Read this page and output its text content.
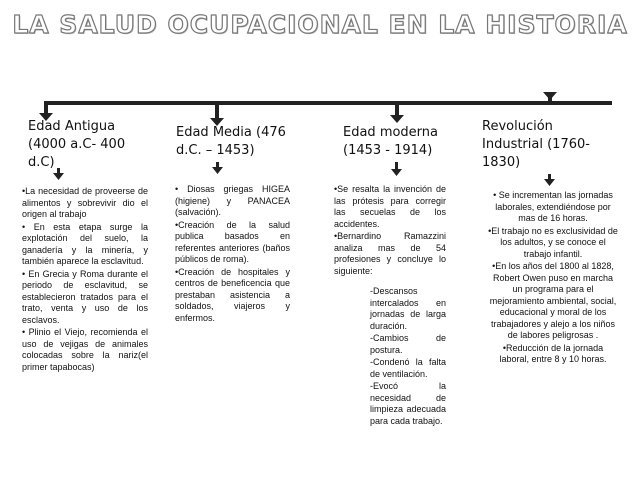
LA SALUD OCUPACIONAL EN LA HISTORIA
Edad Antigua (4000 a.C- 400 d.C)

•La necesidad de proveerse de alimentos y sobrevivir dio el origen al trabajo

• En esta etapa surge la explotación del suelo, la ganadería y la minería, y también aparece la esclavitud.

• En Grecia y Roma durante el periodo de esclavitud, se establecieron tratados para el trato, venta y uso de los esclavos.

• Plinio el Viejo, recomienda el uso de vejigas de animales colocadas sobre la nariz(el primer tapabocas)

Edad Media (476 d.C. – 1453)

• Diosas griegas HIGEA (higiene) y PANACEA (salvación).

•Creación de la salud publica basados en referentes anteriores (baños públicos de roma).

•Creación de hospitales y centros de beneficencia que prestaban asistencia a soldados, viajeros y enfermos.

Edad moderna (1453 - 1914)

•Se resalta la invención de las prótesis para corregir las secuelas de los accidentes.

•Bernardino Ramazzini analiza mas de 54 profesiones y concluye lo siguiente:

-Descansos intercalados en jornadas de larga duración.

-Cambios de postura.

-Condenó la falta de ventilación.

-Evocó la necesidad de limpieza adecuada para cada trabajo.

Revolución Industrial (1760-1830)

• Se incrementan las jornadas laborales, extendiéndose por mas de 16 horas.

•El trabajo no es exclusividad de los adultos, y se conoce el trabajo infantil.

•En los años del 1800 al 1828, Robert Owen puso en marcha un programa para el mejoramiento ambiental, social, educacional y moral de los trabajadores y alejo a los niños de labores peligrosas .

•Reducción de la jornada laboral, entre 8 y 10 horas.
